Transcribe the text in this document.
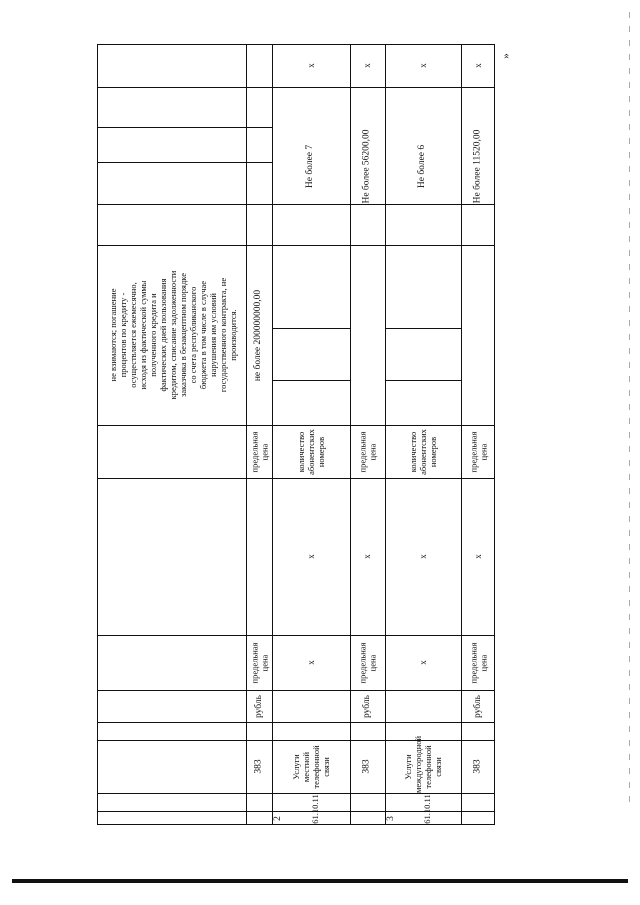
не взимаются; погашение процентов по кредиту - осуществляется ежемесячно, исходя из фактической суммы полученного кредита и фактических дней пользования кредитом, списание задолженности заказчика в безакцептном порядке со счета республиканского бюджета в том числе в случае нарушения им условий государственного контракта, не производится.
383
рубль
предельная цена
предельная цена
не более 200000000,00
2	61.10.11
Услуги местной телефонной связи
x
x
количество абонентских номеров
Не более 7
x
383
рубль
предельная цена
x
предельная цена
Не более 56200,00
x
3	61.10.11
Услуги междугородной телефонной связи
x
x
количество абонентских номеров
Не более 6
x
383
рубль
предельная цена
x
предельная цена
Не более 11520,00
x
»
